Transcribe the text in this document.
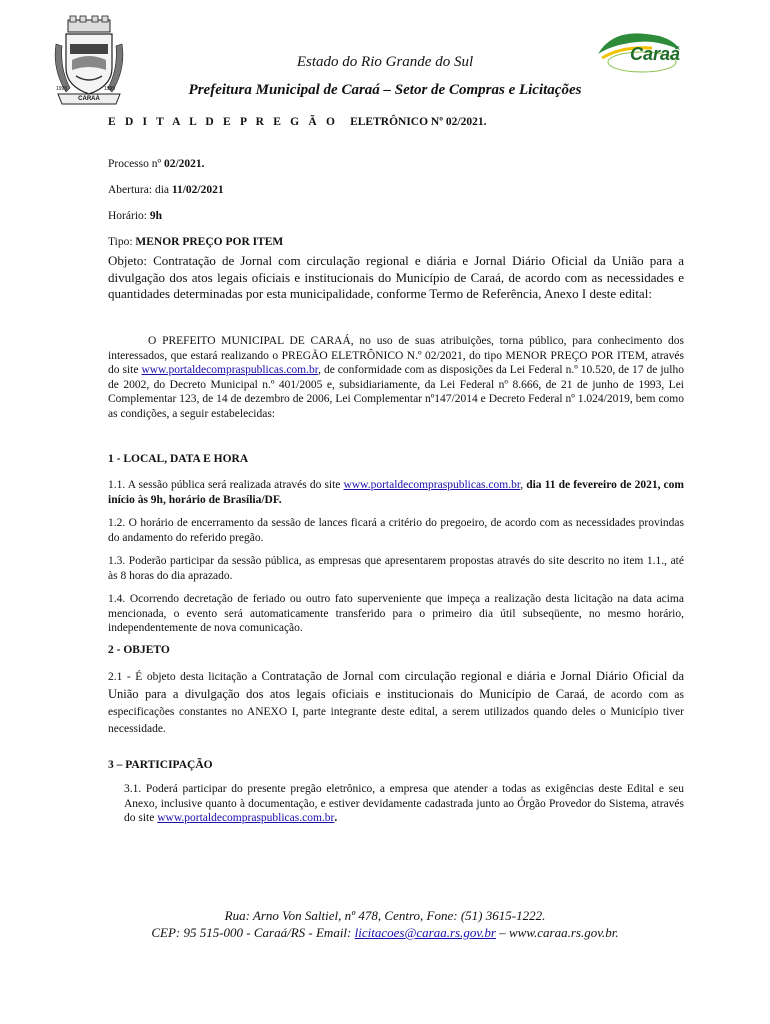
CARAÁ
1995	1995
Caraá
Estado do Rio Grande do Sul
Prefeitura Municipal de Caraá – Setor de Compras e Licitações
E D I T A L D E P R E G Ã O ELETRÔNICO Nº 02/2021.
Processo nº 02/2021.
Abertura: dia 11/02/2021
Horário: 9h
Tipo: MENOR PREÇO POR ITEM
Objeto: Contratação de Jornal com circulação regional e diária e Jornal Diário Oficial da União para a divulgação dos atos legais oficiais e institucionais do Município de Caraá, de acordo com as necessidades e quantidades determinadas por esta municipalidade, conforme Termo de Referência, Anexo I deste edital:
O PREFEITO MUNICIPAL DE CARAÁ, no uso de suas atribuições, torna público, para conhecimento dos interessados, que estará realizando o PREGÃO ELETRÔNICO N.º 02/2021, do tipo MENOR PREÇO POR ITEM, através do site www.portaldecompraspublicas.com.br, de conformidade com as disposições da Lei Federal n.º 10.520, de 17 de julho de 2002, do Decreto Municipal n.º 401/2005 e, subsidiariamente, da Lei Federal nº 8.666, de 21 de junho de 1993, Lei Complementar 123, de 14 de dezembro de 2006, Lei Complementar nº147/2014 e Decreto Federal nº 1.024/2019, bem como as condições, a seguir estabelecidas:
1 - LOCAL, DATA E HORA
1.1. A sessão pública será realizada através do site www.portaldecompraspublicas.com.br, dia 11 de fevereiro de 2021, com início às 9h, horário de Brasília/DF.
1.2. O horário de encerramento da sessão de lances ficará a critério do pregoeiro, de acordo com as necessidades provindas do andamento do referido pregão.
1.3. Poderão participar da sessão pública, as empresas que apresentarem propostas através do site descrito no item 1.1., até às 8 horas do dia aprazado.
1.4. Ocorrendo decretação de feriado ou outro fato superveniente que impeça a realização desta licitação na data acima mencionada, o evento será automaticamente transferido para o primeiro dia útil subseqüente, no mesmo horário, independentemente de nova comunicação.
2 - OBJETO
2.1 - É objeto desta licitação a Contratação de Jornal com circulação regional e diária e Jornal Diário Oficial da União para a divulgação dos atos legais oficiais e institucionais do Município de Caraá, de acordo com as especificações constantes no ANEXO I, parte integrante deste edital, a serem utilizados quando deles o Município tiver necessidade.
3 – PARTICIPAÇÃO
3.1. Poderá participar do presente pregão eletrônico, a empresa que atender a todas as exigências deste Edital e seu Anexo, inclusive quanto à documentação, e estiver devidamente cadastrada junto ao Órgão Provedor do Sistema, através do site www.portaldecompraspublicas.com.br.
Rua: Arno Von Saltiel, nº 478, Centro, Fone: (51) 3615-1222.
CEP: 95 515-000 - Caraá/RS - Email: licitacoes@caraa.rs.gov.br – www.caraa.rs.gov.br.
